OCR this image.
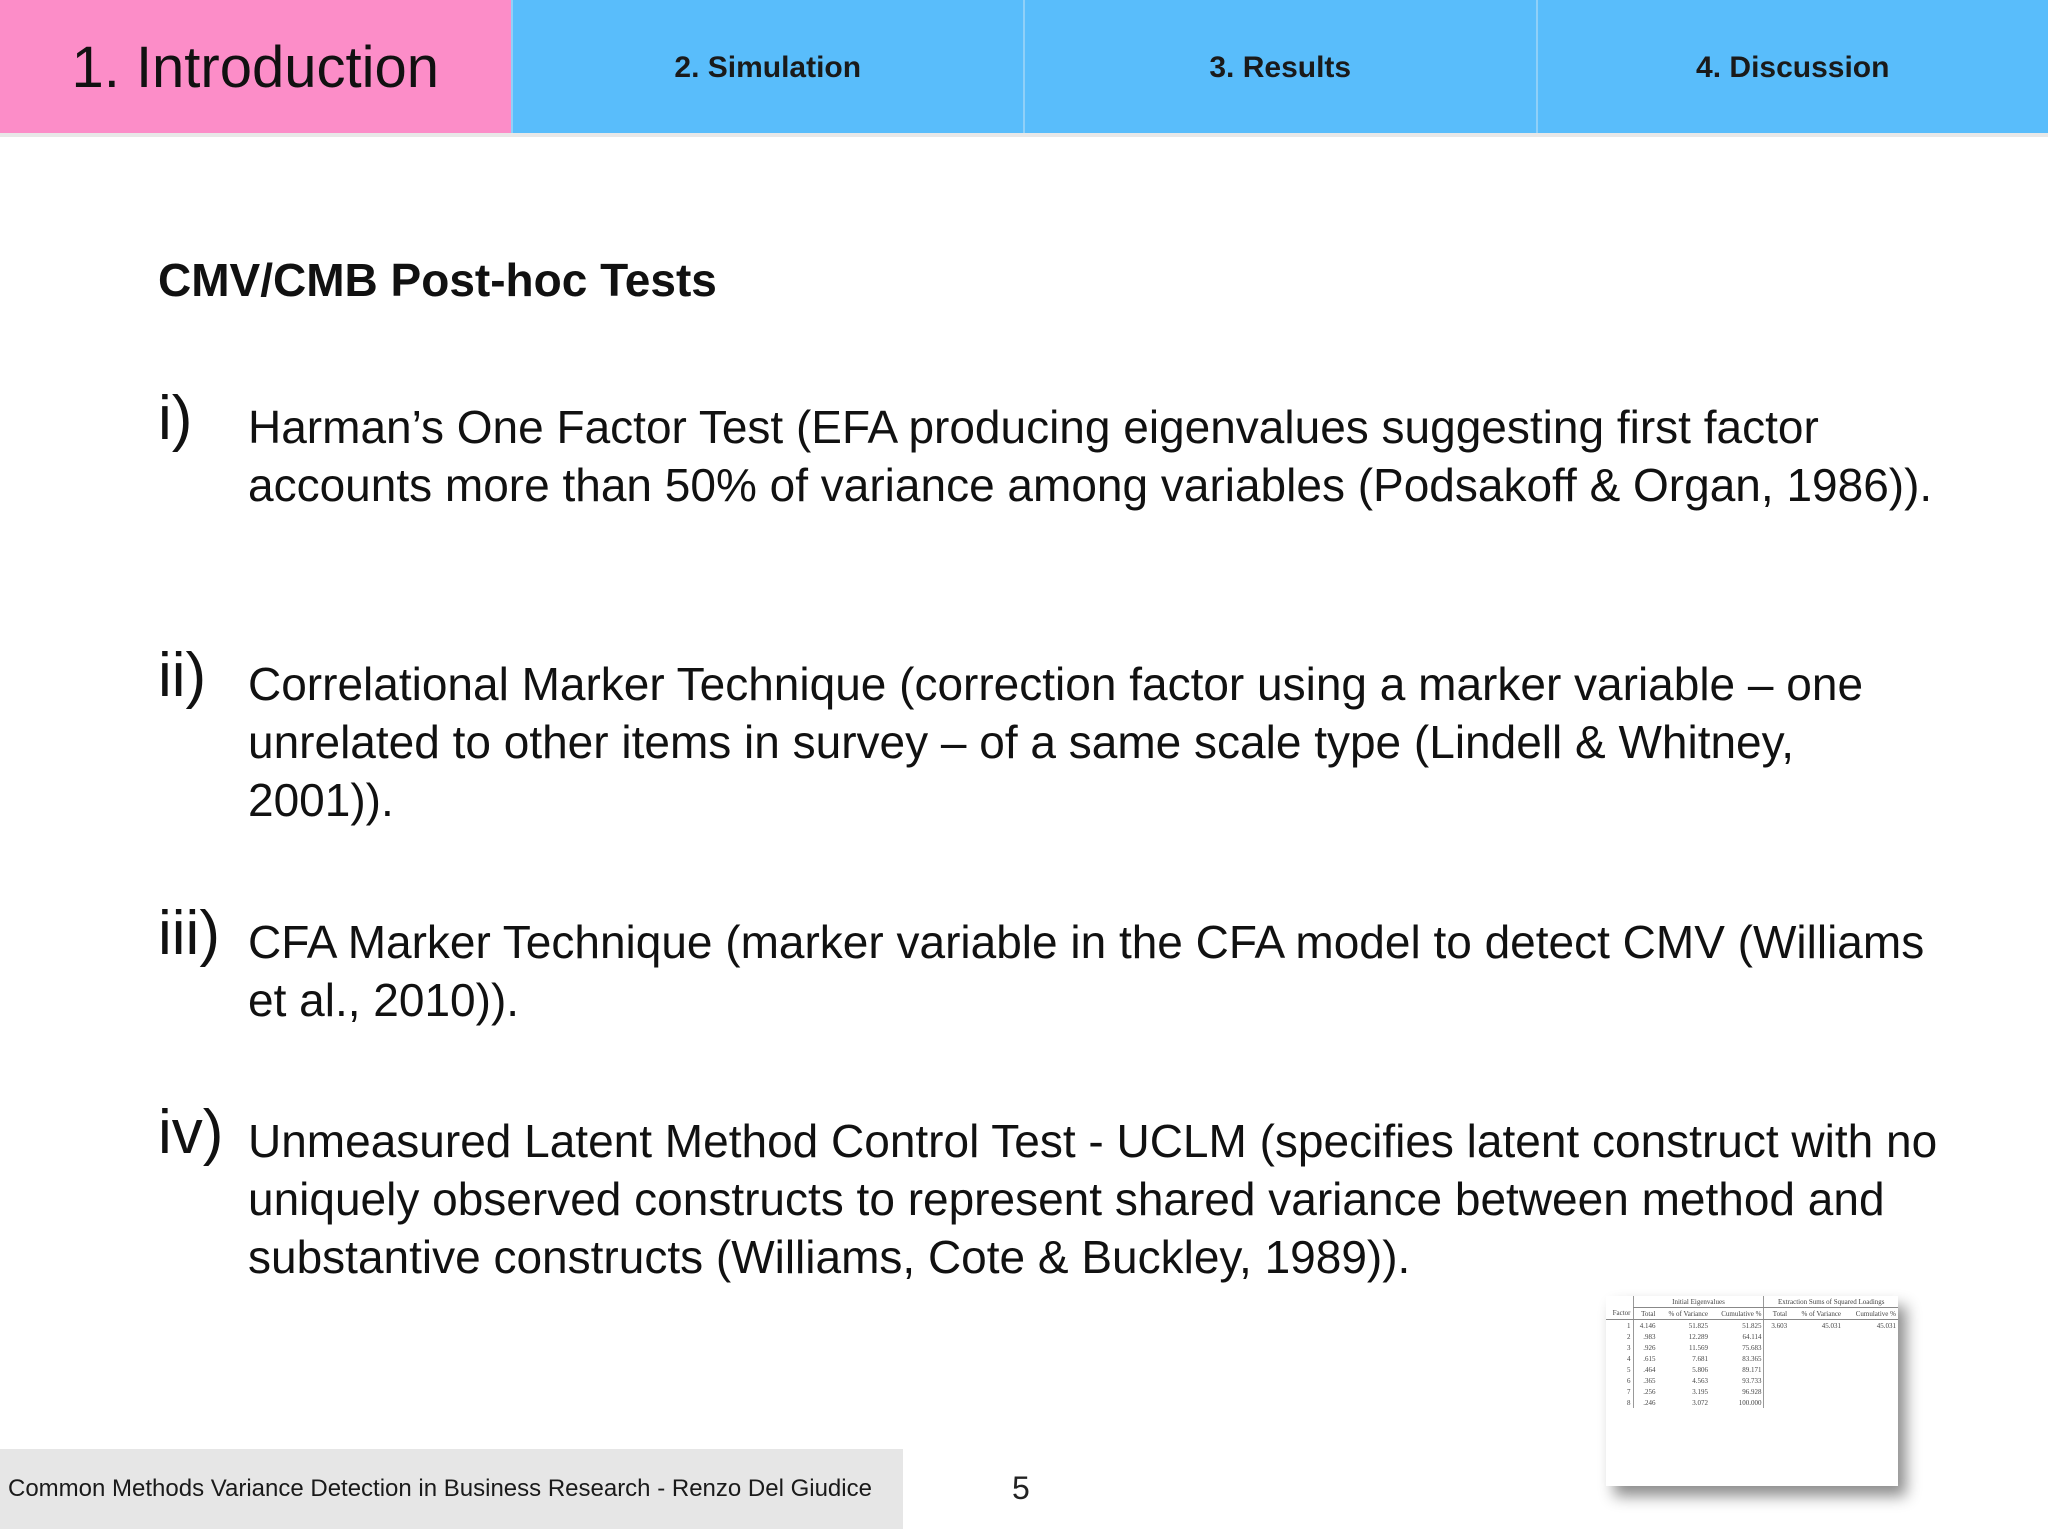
1. Introduction	2. Simulation	3. Results	4. Discussion
CMV/CMB Post-hoc Tests
i) Harman’s One Factor Test (EFA producing eigenvalues suggesting first factor accounts more than 50% of variance among variables (Podsakoff & Organ, 1986)).
ii) Correlational Marker Technique (correction factor using a marker variable – one unrelated to other items in survey – of a same scale type (Lindell & Whitney, 2001)).
iii) CFA Marker Technique (marker variable in the CFA model to detect CMV (Williams et al., 2010)).
iv) Unmeasured Latent Method Control Test - UCLM (specifies latent construct with no uniquely observed constructs to represent shared variance between method and substantive constructs (Williams, Cote & Buckley, 1989)).
	Initial Eigenvalues			Extraction Sums of Squared Loadings		
Factor	Total	% of Variance	Cumulative %	Total	% of Variance	Cumulative %
1	4.146	51.825	51.825	3.603	45.031	45.031
2	.983	12.289	64.114			
3	.926	11.569	75.683			
4	.615	7.681	83.365			
5	.464	5.806	89.171			
6	.365	4.563	93.733			
7	.256	3.195	96.928			
8	.246	3.072	100.000			
Common Methods Variance Detection in Business Research - Renzo Del Giudice	5
